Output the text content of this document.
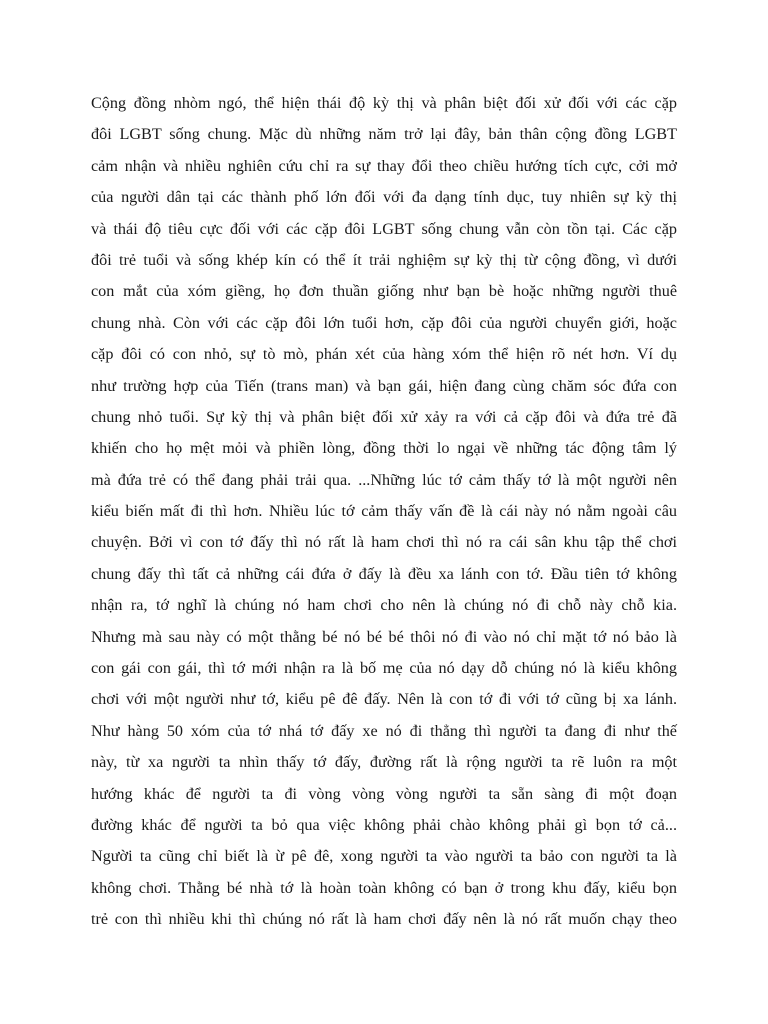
Cộng đồng nhòm ngó, thể hiện thái độ kỳ thị và phân biệt đối xử đối với các cặp
đôi LGBT sống chung. Mặc dù những năm trở lại đây, bản thân cộng đồng LGBT
cảm nhận và nhiều nghiên cứu chỉ ra sự thay đổi theo chiều hướng tích cực, cởi mở
của người dân tại các thành phố lớn đối với đa dạng tính dục, tuy nhiên sự kỳ thị
và thái độ tiêu cực đối với các cặp đôi LGBT sống chung vẫn còn tồn tại. Các cặp
đôi trẻ tuổi và sống khép kín có thể ít trải nghiệm sự kỳ thị từ cộng đồng, vì dưới
con mắt của xóm giềng, họ đơn thuần giống như bạn bè hoặc những người thuê
chung nhà. Còn với các cặp đôi lớn tuổi hơn, cặp đôi của người chuyển giới, hoặc
cặp đôi có con nhỏ, sự tò mò, phán xét của hàng xóm thể hiện rõ nét hơn. Ví dụ
như trường hợp của Tiến (trans man) và bạn gái, hiện đang cùng chăm sóc đứa con
chung nhỏ tuổi. Sự kỳ thị và phân biệt đối xử xảy ra với cả cặp đôi và đứa trẻ đã
khiến cho họ mệt mỏi và phiền lòng, đồng thời lo ngại về những tác động tâm lý
mà đứa trẻ có thể đang phải trải qua. ...Những lúc tớ cảm thấy tớ là một người nên
kiểu biến mất đi thì hơn. Nhiều lúc tớ cảm thấy vấn đề là cái này nó nằm ngoài câu
chuyện. Bởi vì con tớ đấy thì nó rất là ham chơi thì nó ra cái sân khu tập thể chơi
chung đấy thì tất cả những cái đứa ở đấy là đều xa lánh con tớ. Đầu tiên tớ không
nhận ra, tớ nghĩ là chúng nó ham chơi cho nên là chúng nó đi chỗ này chỗ kia.
Nhưng mà sau này có một thằng bé nó bé bé thôi nó đi vào nó chỉ mặt tớ nó bảo là
con gái con gái, thì tớ mới nhận ra là bố mẹ của nó dạy dỗ chúng nó là kiểu không
chơi với một người như tớ, kiểu pê đê đấy. Nên là con tớ đi với tớ cũng bị xa lánh.
Như hàng 50 xóm của tớ nhá tớ đấy xe nó đi thẳng thì người ta đang đi như thế
này, từ xa người ta nhìn thấy tớ đấy, đường rất là rộng người ta rẽ luôn ra một
hướng khác để người ta đi vòng vòng vòng người ta sẵn sàng đi một đoạn
đường khác để người ta bỏ qua việc không phải chào không phải gì bọn tớ cả...
Người ta cũng chỉ biết là ừ pê đê, xong người ta vào người ta bảo con người ta là
không chơi. Thằng bé nhà tớ là hoàn toàn không có bạn ở trong khu đấy, kiểu bọn
trẻ con thì nhiều khi thì chúng nó rất là ham chơi đấy nên là nó rất muốn chạy theo
